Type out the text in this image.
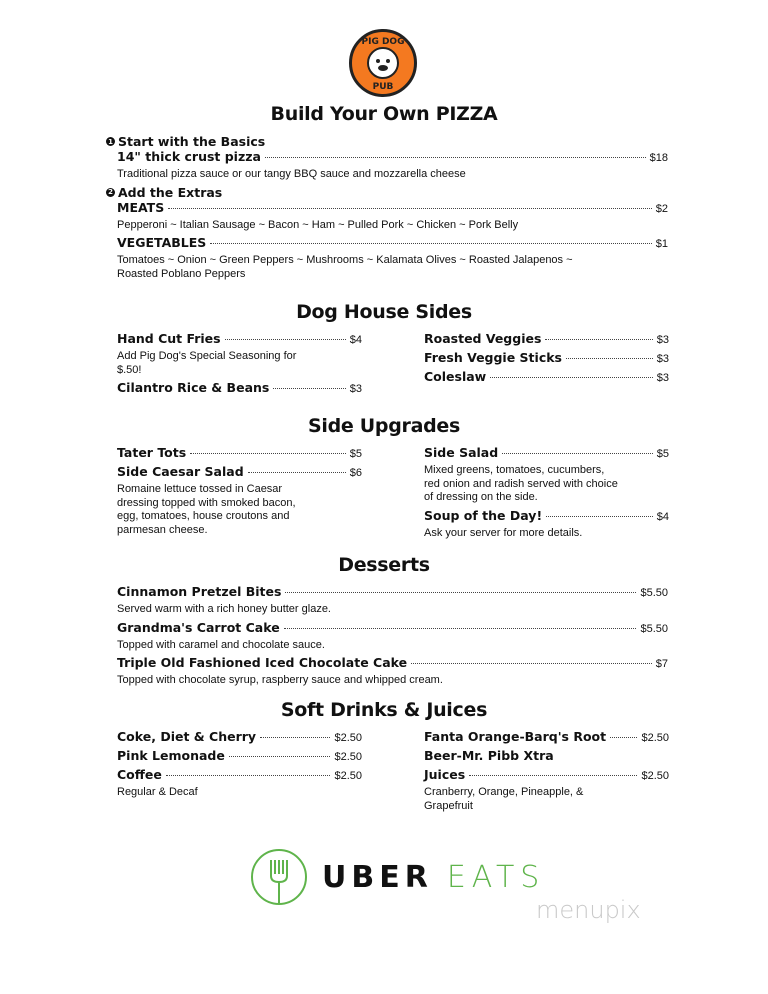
PIG DOG
PUB
Build Your Own PIZZA
1 Start with the Basics
14" thick crust pizza	$18
Traditional pizza sauce or our tangy BBQ sauce and mozzarella cheese
2 Add the Extras
MEATS	$2
Pepperoni ~ Italian Sausage ~ Bacon ~ Ham ~ Pulled Pork ~ Chicken ~ Pork Belly
VEGETABLES	$1
Tomatoes ~ Onion ~ Green Peppers ~ Mushrooms ~ Kalamata Olives ~ Roasted Jalapenos ~
Roasted Poblano Peppers
Dog House Sides
Hand Cut Fries	$4
Add Pig Dog's Special Seasoning for $.50!
Cilantro Rice & Beans	$3
Roasted Veggies	$3
Fresh Veggie Sticks	$3
Coleslaw	$3
Side Upgrades
Tater Tots	$5
Side Caesar Salad	$6
Romaine lettuce tossed in Caesar dressing topped with smoked bacon, egg, tomatoes, house croutons and parmesan cheese.
Side Salad	$5
Mixed greens, tomatoes, cucumbers, red onion and radish served with choice of dressing on the side.
Soup of the Day!	$4
Ask your server for more details.
Desserts
Cinnamon Pretzel Bites	$5.50
Served warm with a rich honey butter glaze.
Grandma's Carrot Cake	$5.50
Topped with caramel and chocolate sauce.
Triple Old Fashioned Iced Chocolate Cake	$7
Topped with chocolate syrup, raspberry sauce and whipped cream.
Soft Drinks & Juices
Coke, Diet & Cherry	$2.50
Pink Lemonade	$2.50
Coffee	$2.50
Regular & Decaf
Fanta Orange-Barq's Root	$2.50
Beer-Mr. Pibb Xtra
Juices	$2.50
Cranberry, Orange, Pineapple, & Grapefruit
UBER EATS
menupix
